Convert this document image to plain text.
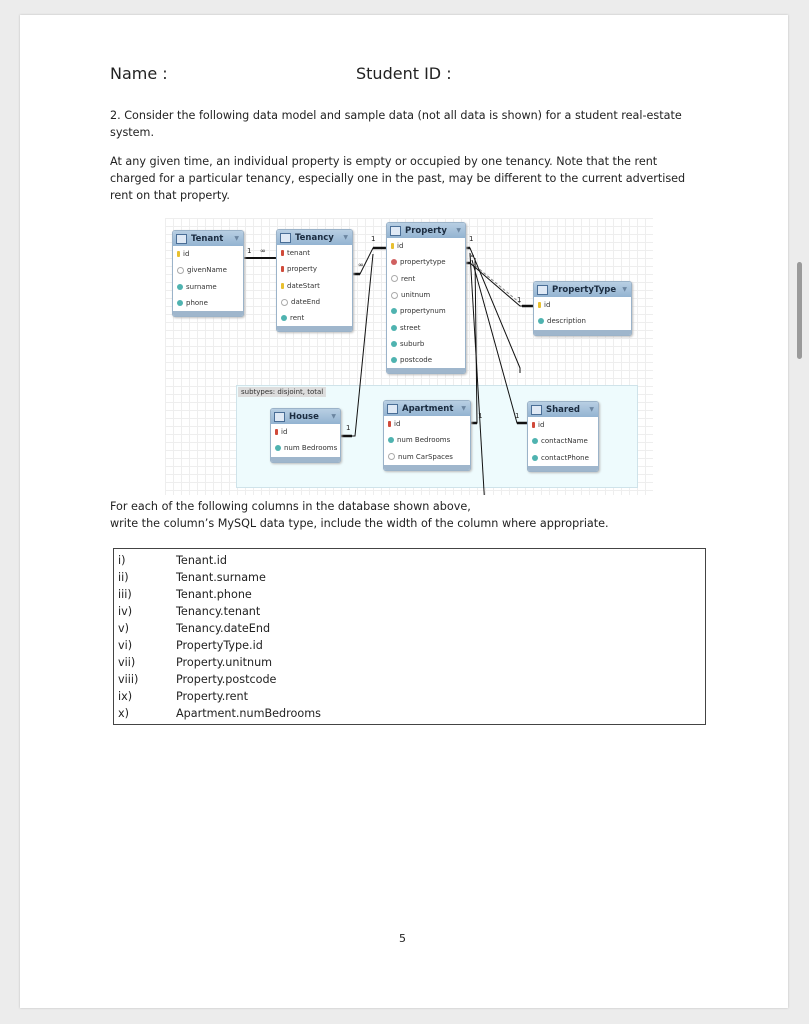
Name :	Student ID :
2. Consider the following data model and sample data (not all data is shown) for a student real-estate system.
At any given time, an individual property is empty or occupied by one tenancy. Note that the rent charged for a particular tenancy, especially one in the past, may be different to the current advertised rent on that property.
subtypes: disjoint, total
1 ∞
∞
1	1
∞
1
1
1	1
Tenant ▼
id
givenName
surname
phone
Tenancy ▼
tenant
property
dateStart
dateEnd
rent
Property ▼
id
propertytype
rent
unitnum
propertynum
street
suburb
postcode
PropertyType ▼
id
description
House ▼
id
num Bedrooms
Apartment ▼
id
num Bedrooms
num CarSpaces
Shared ▼
id
contactName
contactPhone
For each of the following columns in the database shown above,
write the column’s MySQL data type, include the width of the column where appropriate.
i)	Tenant.id
ii)	Tenant.surname
iii)	Tenant.phone
iv)	Tenancy.tenant
v)	Tenancy.dateEnd
vi)	PropertyType.id
vii)	Property.unitnum
viii)	Property.postcode
ix)	Property.rent
x)	Apartment.numBedrooms
5
